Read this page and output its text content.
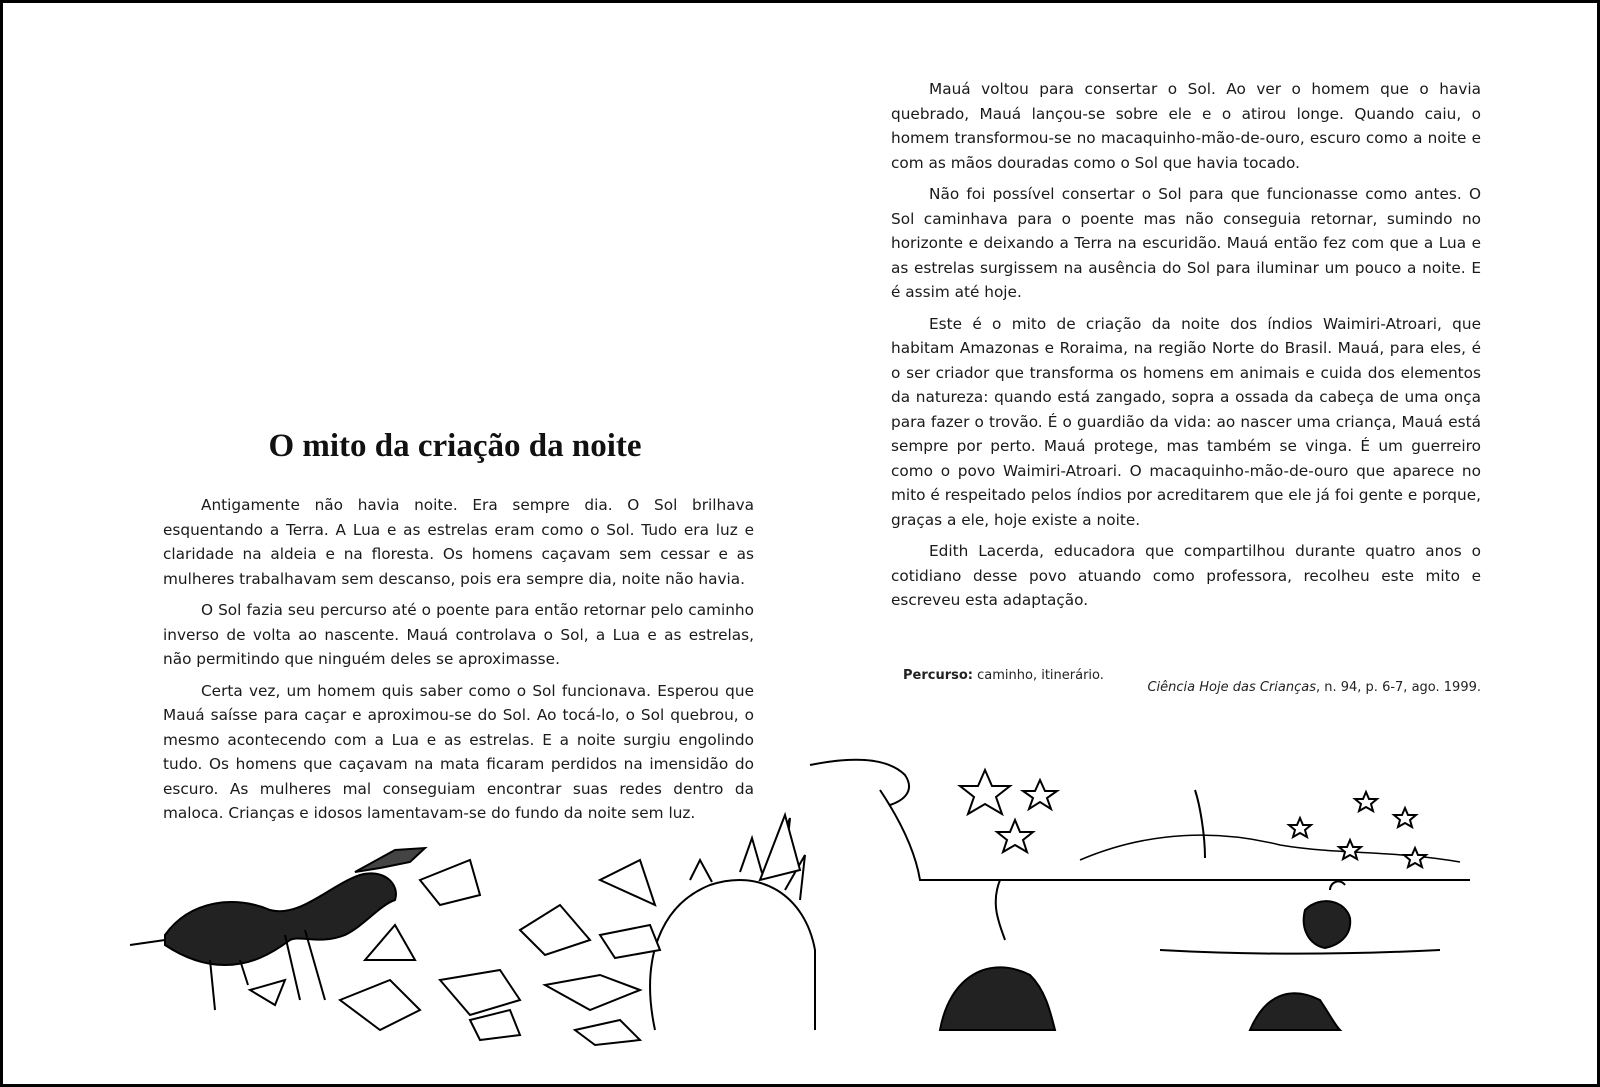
O mito da criação da noite

Antigamente não havia noite. Era sempre dia. O Sol brilhava esquentando a Terra. A Lua e as estrelas eram como o Sol. Tudo era luz e claridade na aldeia e na floresta. Os homens caçavam sem cessar e as mulheres trabalhavam sem descanso, pois era sempre dia, noite não havia.

O Sol fazia seu percurso até o poente para então retornar pelo caminho inverso de volta ao nascente. Mauá controlava o Sol, a Lua e as estrelas, não permitindo que ninguém deles se aproximasse.

Certa vez, um homem quis saber como o Sol funcionava. Esperou que Mauá saísse para caçar e aproximou-se do Sol. Ao tocá-lo, o Sol quebrou, o mesmo acontecendo com a Lua e as estrelas. E a noite surgiu engolindo tudo. Os homens que caçavam na mata ficaram perdidos na imensidão do escuro. As mulheres mal conseguiam encontrar suas redes dentro da maloca. Crianças e idosos lamentavam-se do fundo da noite sem luz.

Mauá voltou para consertar o Sol. Ao ver o homem que o havia quebrado, Mauá lançou-se sobre ele e o atirou longe. Quando caiu, o homem transformou-se no macaquinho-mão-de-ouro, escuro como a noite e com as mãos douradas como o Sol que havia tocado.

Não foi possível consertar o Sol para que funcionasse como antes. O Sol caminhava para o poente mas não conseguia retornar, sumindo no horizonte e deixando a Terra na escuridão. Mauá então fez com que a Lua e as estrelas surgissem na ausência do Sol para iluminar um pouco a noite. E é assim até hoje.

Este é o mito de criação da noite dos índios Waimiri-Atroari, que habitam Amazonas e Roraima, na região Norte do Brasil. Mauá, para eles, é o ser criador que transforma os homens em animais e cuida dos elementos da natureza: quando está zangado, sopra a ossada da cabeça de uma onça para fazer o trovão. É o guardião da vida: ao nascer uma criança, Mauá está sempre por perto. Mauá protege, mas também se vinga. É um guerreiro como o povo Waimiri-Atroari. O macaquinho-mão-de-ouro que aparece no mito é respeitado pelos índios por acreditarem que ele já foi gente e porque, graças a ele, hoje existe a noite.

Edith Lacerda, educadora que compartilhou durante quatro anos o cotidiano desse povo atuando como professora, recolheu este mito e escreveu esta adaptação.

Percurso: caminho, itinerário.
Ciência Hoje das Crianças, n. 94, p. 6-7, ago. 1999.
